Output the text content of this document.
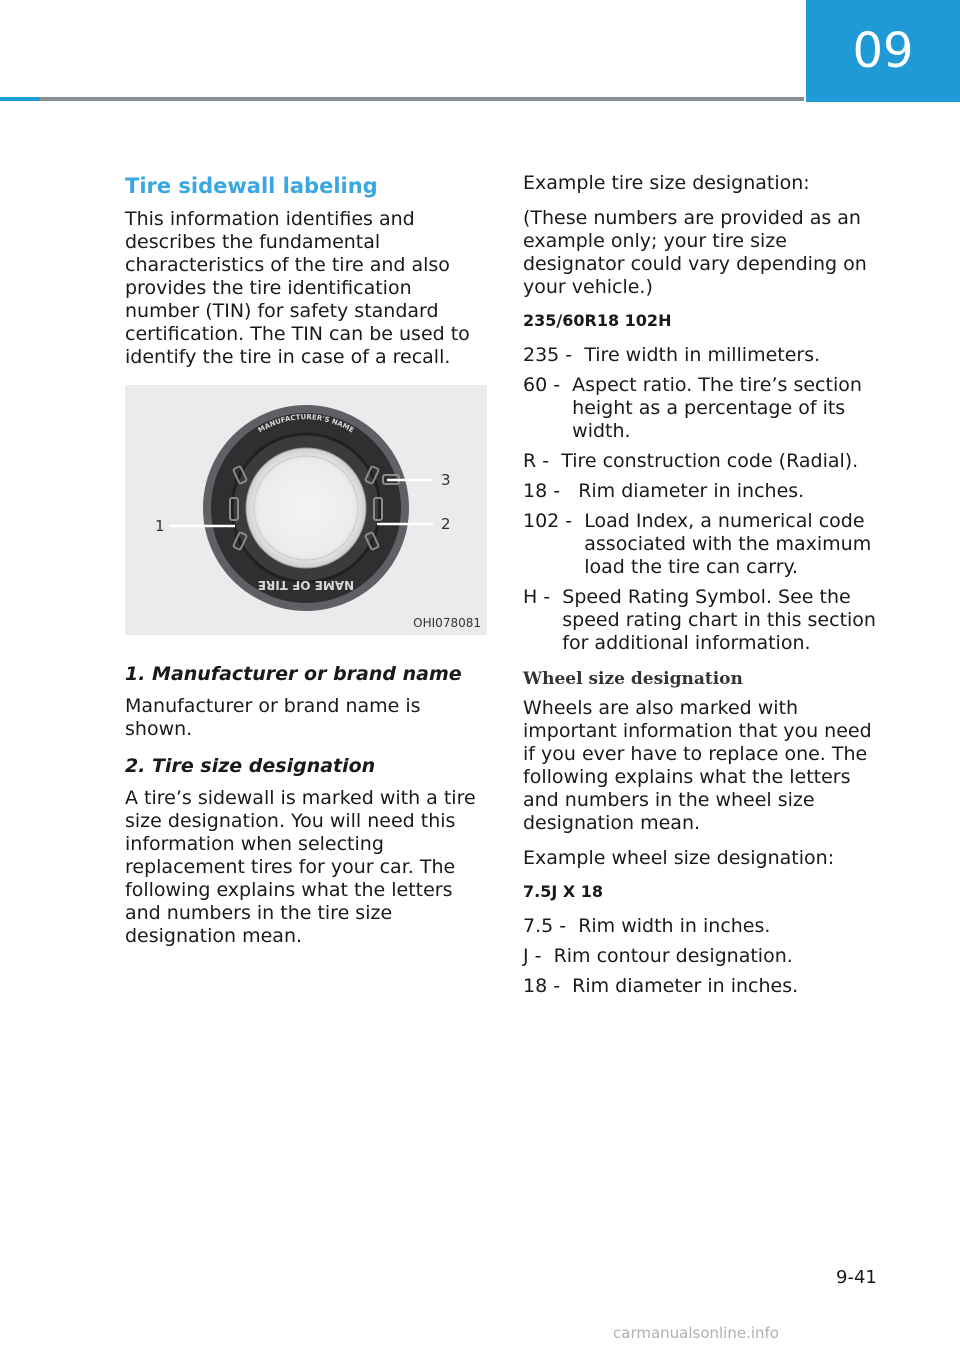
09
Tire sidewall labeling

This information identifies and describes the fundamental characteristics of the tire and also provides the tire identification number (TIN) for safety standard certification. The TIN can be used to identify the tire in case of a recall.

MANUFACTURER'S NAME
NAME OF TIRE
1	2
3
OHI078081
1. Manufacturer or brand name

Manufacturer or brand name is shown.

2. Tire size designation

A tire’s sidewall is marked with a tire size designation. You will need this information when selecting replacement tires for your car. The following explains what the letters and numbers in the tire size designation mean.

Example tire size designation:

(These numbers are provided as an example only; your tire size designator could vary depending on your vehicle.)

235/60R18 102H
235 - Tire width in millimeters.
60 - Aspect ratio. The tire’s section height as a percentage of its width.
R - Tire construction code (Radial).
18 - Rim diameter in inches.
102 - Load Index, a numerical code associated with the maximum load the tire can carry.
H - Speed Rating Symbol. See the speed rating chart in this section for additional information.
Wheel size designation

Wheels are also marked with important information that you need if you ever have to replace one. The following explains what the letters and numbers in the wheel size designation mean.

Example wheel size designation:

7.5J X 18
7.5 - Rim width in inches.
J - Rim contour designation.
18 - Rim diameter in inches.
9-41
carmanualsonline.info
